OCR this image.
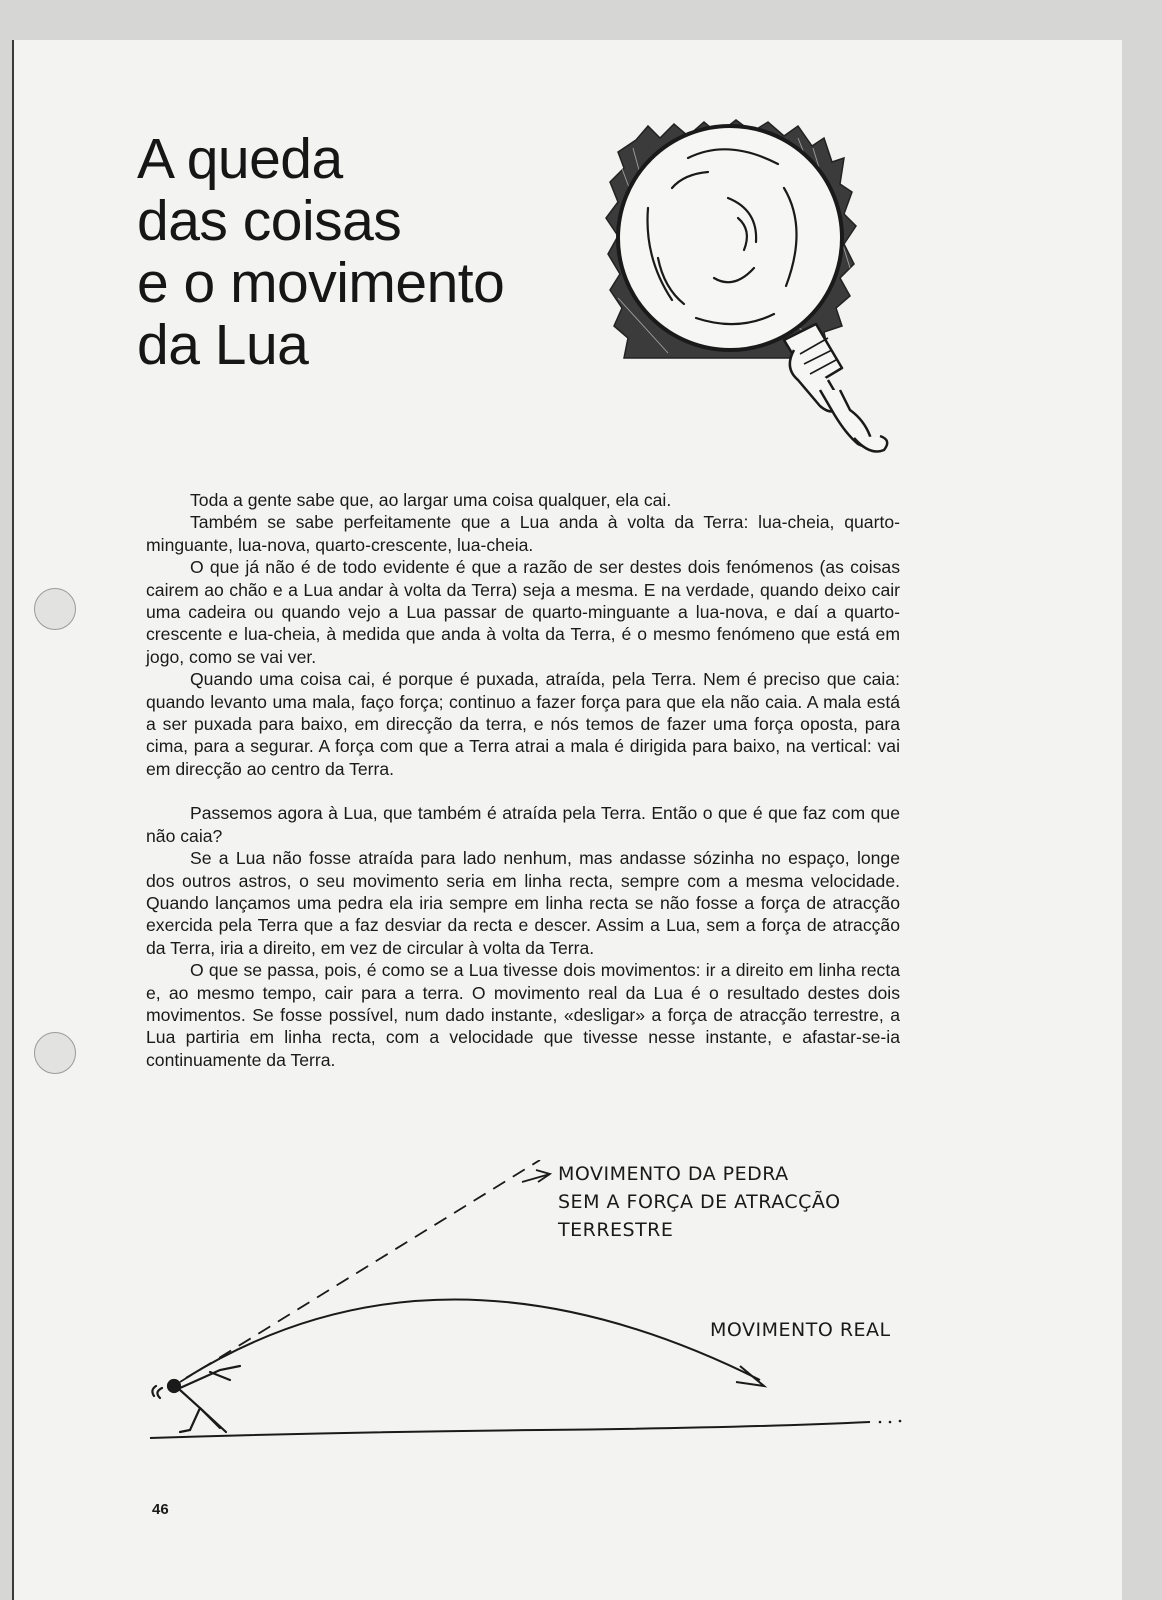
A queda
das coisas
e o movimento
da Lua

Toda a gente sabe que, ao largar uma coisa qualquer, ela cai.

Também se sabe perfeitamente que a Lua anda à volta da Terra: lua-cheia, quarto-minguante, lua-nova, quarto-crescente, lua-cheia.

O que já não é de todo evidente é que a razão de ser destes dois fenómenos (as coisas cairem ao chão e a Lua andar à volta da Terra) seja a mesma. E na verdade, quando deixo cair uma cadeira ou quando vejo a Lua passar de quarto-minguante a lua-nova, e daí a quarto-crescente e lua-cheia, à medida que anda à volta da Terra, é o mesmo fenómeno que está em jogo, como se vai ver.

Quando uma coisa cai, é porque é puxada, atraída, pela Terra. Nem é preciso que caia: quando levanto uma mala, faço força; continuo a fazer força para que ela não caia. A mala está a ser puxada para baixo, em direcção da terra, e nós temos de fazer uma força oposta, para cima, para a segurar. A força com que a Terra atrai a mala é dirigida para baixo, na vertical: vai em direcção ao centro da Terra.

Passemos agora à Lua, que também é atraída pela Terra. Então o que é que faz com que não caia?

Se a Lua não fosse atraída para lado nenhum, mas andasse sózinha no espaço, longe dos outros astros, o seu movimento seria em linha recta, sempre com a mesma velocidade. Quando lançamos uma pedra ela iria sempre em linha recta se não fosse a força de atracção exercida pela Terra que a faz desviar da recta e descer. Assim a Lua, sem a força de atracção da Terra, iria a direito, em vez de circular à volta da Terra.

O que se passa, pois, é como se a Lua tivesse dois movimentos: ir a direito em linha recta e, ao mesmo tempo, cair para a terra. O movimento real da Lua é o resultado destes dois movimentos. Se fosse possível, num dado instante, «desligar» a força de atracção terrestre, a Lua partiria em linha recta, com a velocidade que tivesse nesse instante, e afastar-se-ia continuamente da Terra.

MOVIMENTO DA PEDRA
SEM A FORÇA DE ATRACÇÃO
TERRESTRE
MOVIMENTO REAL
46
